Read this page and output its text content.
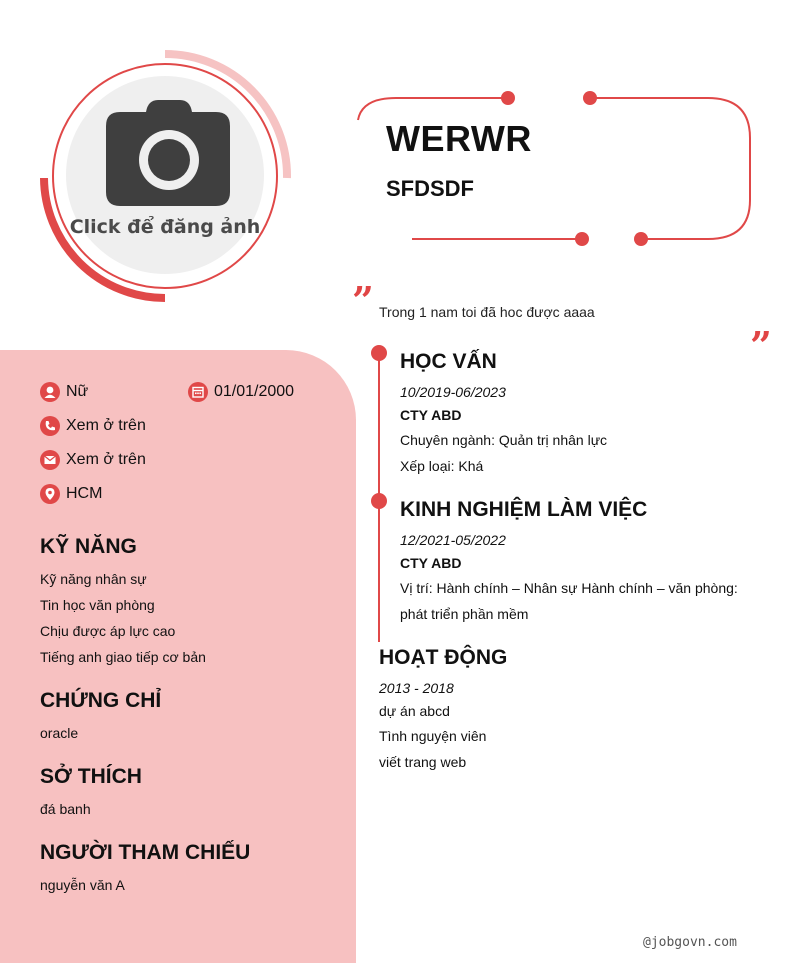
Click để đăng ảnh
WERWR
SFDSDF
” Trong 1 nam toi đã hoc được aaaa
”
Nữ	01/01/2000
Xem ở trên
Xem ở trên
HCM
KỸ NĂNG
Kỹ năng nhân sự
Tin học văn phòng
Chịu được áp lực cao
Tiếng anh giao tiếp cơ bản
CHỨNG CHỈ
oracle
SỞ THÍCH
đá banh
NGƯỜI THAM CHIẾU
nguyễn văn A
HỌC VẤN
10/2019-06/2023
CTY ABD
Chuyên ngành: Quản trị nhân lực
Xếp loại: Khá
KINH NGHIỆM LÀM VIỆC
12/2021-05/2022
CTY ABD
Vị trí: Hành chính – Nhân sự Hành chính – văn phòng:
phát triển phần mềm
HOẠT ĐỘNG
2013 - 2018
dự án abcd
Tình nguyện viên
viết trang web
@jobgovn.com
